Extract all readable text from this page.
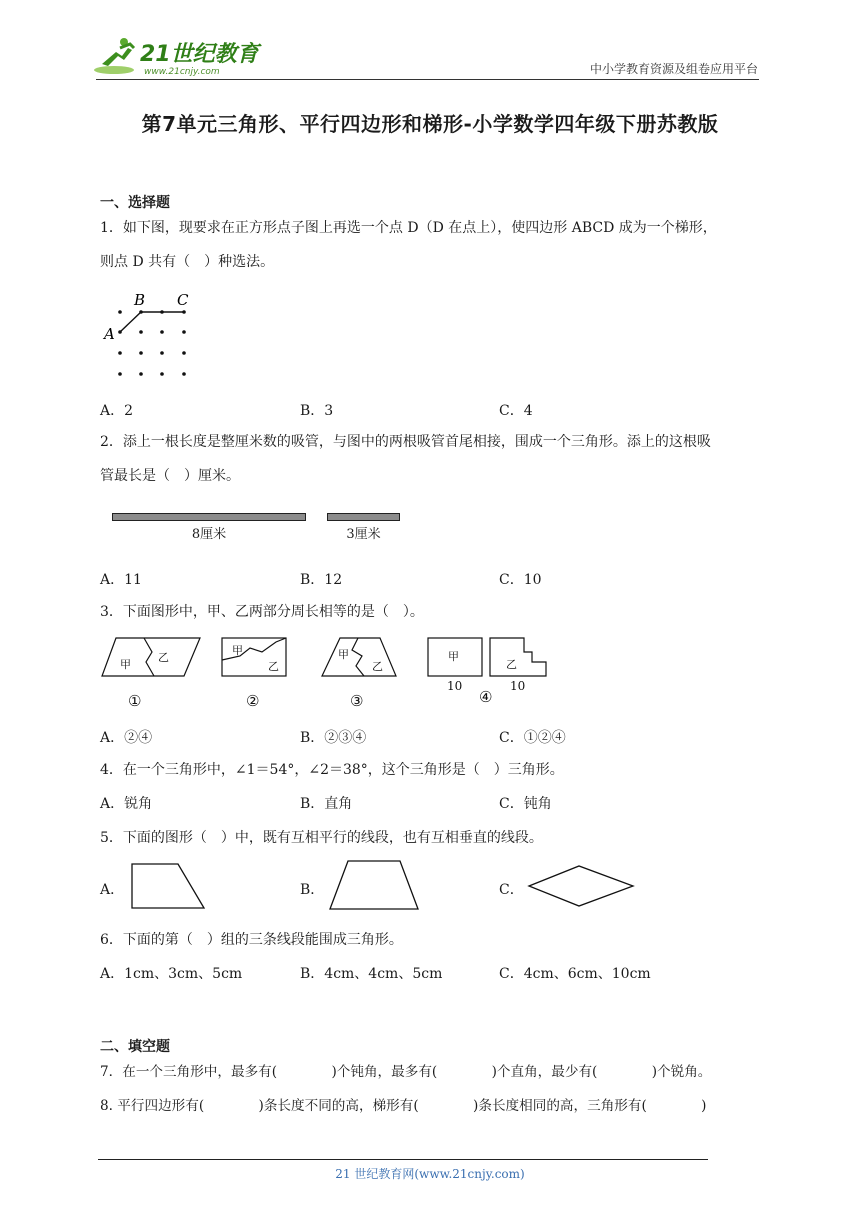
21世纪教育
www.21cnjy.com	中小学教育资源及组卷应用平台
第7单元三角形、平行四边形和梯形-小学数学四年级下册苏教版
一、选择题
1．如下图，现要求在正方形点子图上再选一个点 D（D 在点上），使四边形 ABCD 成为一个梯形，
则点 D 共有（　）种选法。
A
B C
A．2	B．3	C．4
2．添上一根长度是整厘米数的吸管，与图中的两根吸管首尾相接，围成一个三角形。添上的这根吸
管最长是（　）厘米。
8厘米	3厘米
A．11	B．12	C．10
3．下面图形中，甲、乙两部分周长相等的是（　）。
甲
乙
甲
乙
甲
乙
甲
乙
10	10
①	②	③	④
A．②④	B．②③④	C．①②④
4．在一个三角形中，∠1＝54°，∠2＝38°，这个三角形是（　）三角形。
A．锐角	B．直角	C．钝角
5．下面的图形（　）中，既有互相平行的线段，也有互相垂直的线段。
A．	B．	C．
6．下面的第（　）组的三条线段能围成三角形。
A．1cm、3cm、5cm	B．4cm、4cm、5cm	C．4cm、6cm、10cm
二、填空题
7．在一个三角形中，最多有(　　　　)个钝角，最多有(　　　　)个直角，最少有(　　　　)个锐角。
8. 平行四边形有(　　　　)条长度不同的高，梯形有(　　　　)条长度相同的高，三角形有(　　　　)
21 世纪教育网(www.21cnjy.com)
